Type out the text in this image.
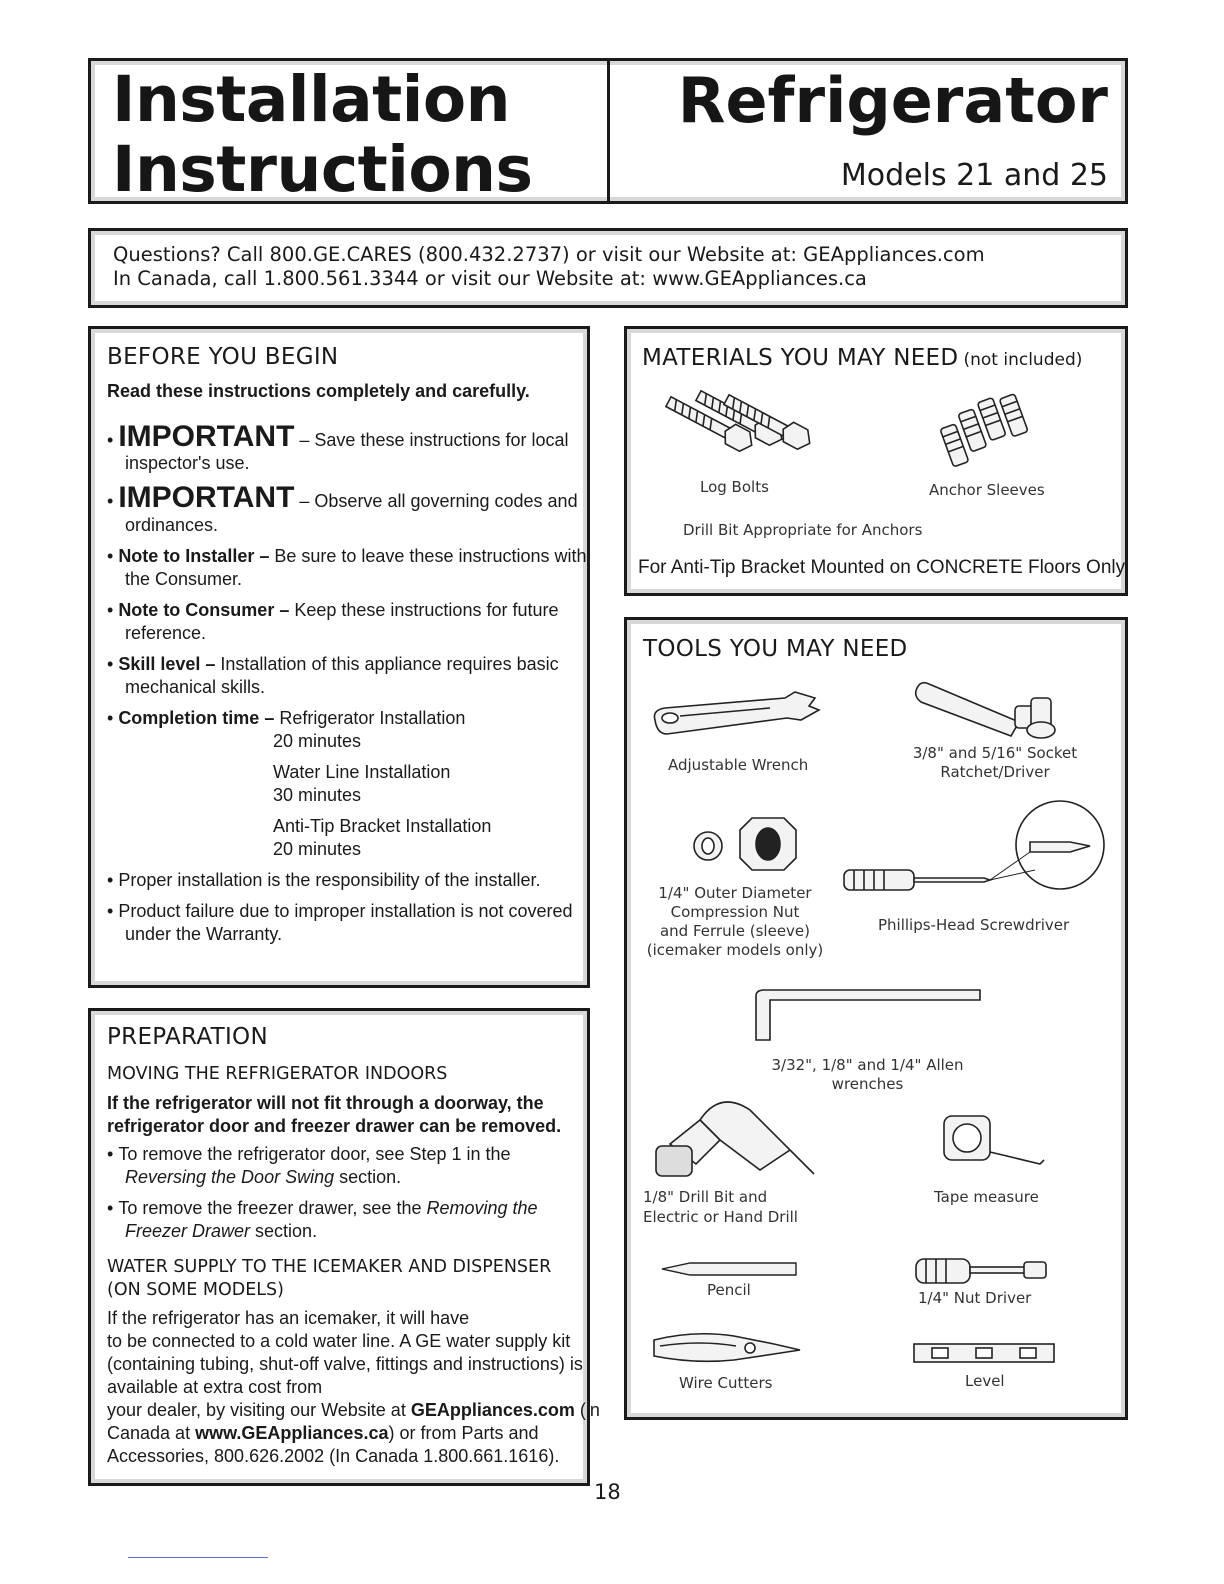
Installation
Instructions
Refrigerator
Models 21 and 25
Questions? Call 800.GE.CARES (800.432.2737) or visit our Website at: GEAppliances.com
In Canada, call 1.800.561.3344 or visit our Website at: www.GEAppliances.ca
BEFORE YOU BEGIN
Read these instructions completely and carefully.
• IMPORTANT – Save these instructions for local
inspector's use.
• IMPORTANT – Observe all governing codes and
ordinances.
• Note to Installer – Be sure to leave these instructions with
the Consumer.
• Note to Consumer – Keep these instructions for future
reference.
• Skill level – Installation of this appliance requires basic
mechanical skills.
• Completion time – Refrigerator Installation
20 minutes
Water Line Installation
30 minutes
Anti-Tip Bracket Installation
20 minutes
• Proper installation is the responsibility of the installer.
• Product failure due to improper installation is not covered
under the Warranty.
PREPARATION
MOVING THE REFRIGERATOR INDOORS
If the refrigerator will not fit through a doorway, the
refrigerator door and freezer drawer can be removed.
• To remove the refrigerator door, see Step 1 in the
Reversing the Door Swing section.
• To remove the freezer drawer, see the Removing the
Freezer Drawer section.
WATER SUPPLY TO THE ICEMAKER AND DISPENSER
(ON SOME MODELS)
If the refrigerator has an icemaker, it will have
to be connected to a cold water line. A GE water supply kit
(containing tubing, shut-off valve, fittings and instructions) is
available at extra cost from
your dealer, by visiting our Website at GEAppliances.com (in
Canada at www.GEAppliances.ca) or from Parts and
Accessories, 800.626.2002 (In Canada 1.800.661.1616).
MATERIALS YOU MAY NEED (not included)
Log Bolts	Anchor Sleeves
Drill Bit Appropriate for Anchors
For Anti-Tip Bracket Mounted on CONCRETE Floors Only
TOOLS YOU MAY NEED
Adjustable Wrench
3/8" and 5/16" Socket
Ratchet/Driver
1/4" Outer Diameter
Compression Nut
and Ferrule (sleeve)
(icemaker models only)
Phillips-Head Screwdriver
3/32", 1/8" and 1/4" Allen
wrenches
1/8" Drill Bit and
Electric or Hand Drill
Tape measure
Pencil	1/4" Nut Driver
Wire Cutters	Level
18
